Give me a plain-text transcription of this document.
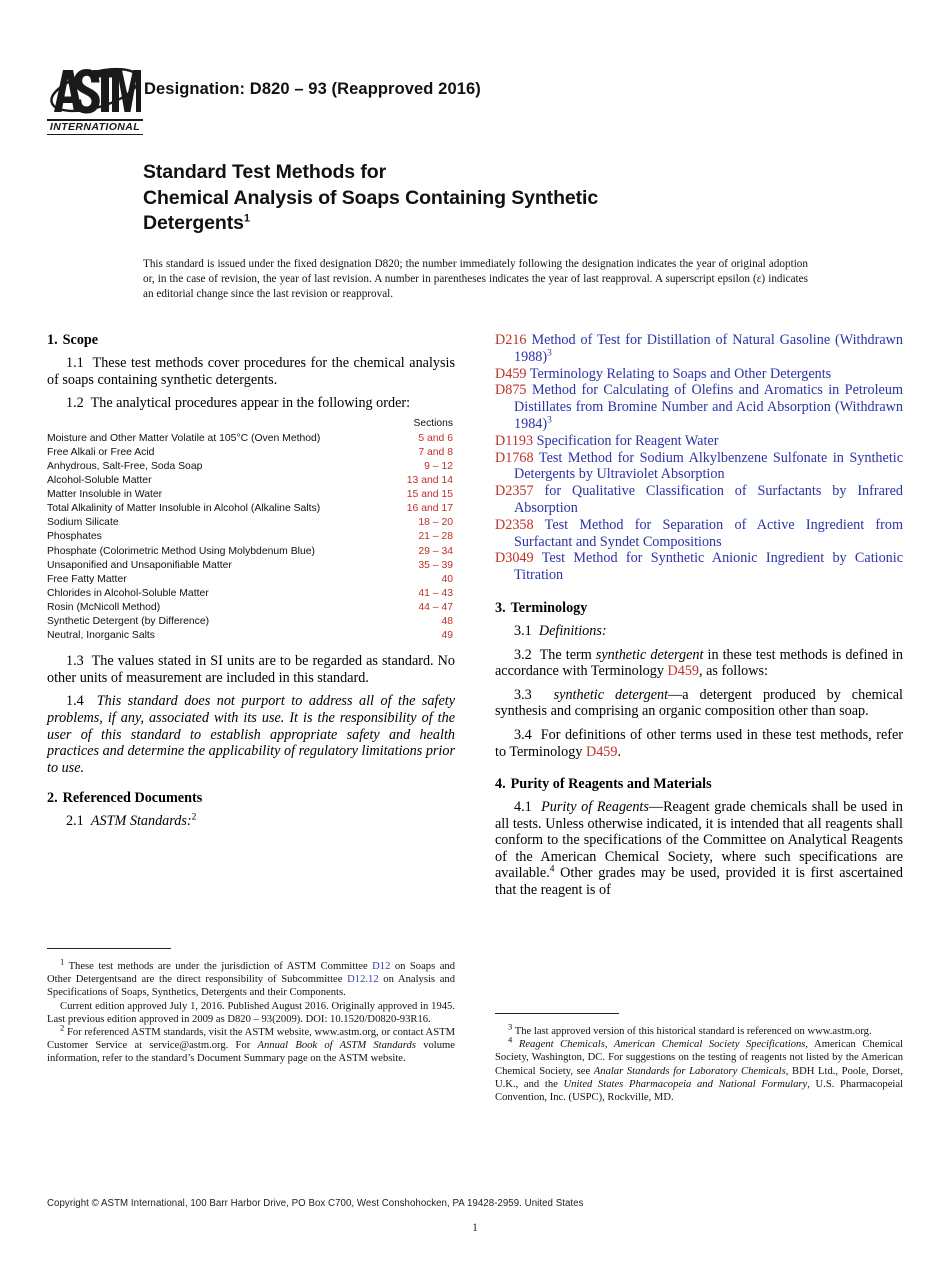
INTERNATIONAL
Designation: D820 – 93 (Reapproved 2016)
Standard Test Methods for
Chemical Analysis of Soaps Containing Synthetic
Detergents$^1$
This standard is issued under the fixed designation D820; the number immediately following the designation indicates the year of original adoption or, in the case of revision, the year of last revision. A number in parentheses indicates the year of last reapproval. A superscript epsilon (ε) indicates an editorial change since the last revision or reapproval.
1. Scope

1.1 These test methods cover procedures for the chemical analysis of soaps containing synthetic detergents.

1.2 The analytical procedures appear in the following order:

Sections
Moisture and Other Matter Volatile at 105°C (Oven Method)	5 and 6
Free Alkali or Free Acid	7 and 8
Anhydrous, Salt-Free, Soda Soap	9 – 12
Alcohol-Soluble Matter	13 and 14
Matter Insoluble in Water	15 and 15
Total Alkalinity of Matter Insoluble in Alcohol (Alkaline Salts)	16 and 17
Sodium Silicate	18 – 20
Phosphates	21 – 28
Phosphate (Colorimetric Method Using Molybdenum Blue)	29 – 34
Unsaponified and Unsaponifiable Matter	35 – 39
Free Fatty Matter	40
Chlorides in Alcohol-Soluble Matter	41 – 43
Rosin (McNicoll Method)	44 – 47
Synthetic Detergent (by Difference)	48
Neutral, Inorganic Salts	49

1.3 The values stated in SI units are to be regarded as standard. No other units of measurement are included in this standard.

1.4 This standard does not purport to address all of the safety problems, if any, associated with its use. It is the responsibility of the user of this standard to establish appropriate safety and health practices and determine the applicability of regulatory limitations prior to use.

2. Referenced Documents

2.1 ASTM Standards:$^2$

D216 Method of Test for Distillation of Natural Gasoline (Withdrawn 1988)$^3$
D459 Terminology Relating to Soaps and Other Detergents
D875 Method for Calculating of Olefins and Aromatics in Petroleum Distillates from Bromine Number and Acid Absorption (Withdrawn 1984)$^3$
D1193 Specification for Reagent Water
D1768 Test Method for Sodium Alkylbenzene Sulfonate in Synthetic Detergents by Ultraviolet Absorption
D2357 for Qualitative Classification of Surfactants by Infrared Absorption
D2358 Test Method for Separation of Active Ingredient from Surfactant and Syndet Compositions
D3049 Test Method for Synthetic Anionic Ingredient by Cationic Titration
3. Terminology

3.1 Definitions:

3.2 The term synthetic detergent in these test methods is defined in accordance with Terminology D459, as follows:

3.3 synthetic detergent—a detergent produced by chemical synthesis and comprising an organic composition other than soap.

3.4 For definitions of other terms used in these test methods, refer to Terminology D459.

4. Purity of Reagents and Materials

4.1 Purity of Reagents—Reagent grade chemicals shall be used in all tests. Unless otherwise indicated, it is intended that all reagents shall conform to the specifications of the Committee on Analytical Reagents of the American Chemical Society, where such specifications are available.$^4$ Other grades may be used, provided it is first ascertained that the reagent is of

$^1$ These test methods are under the jurisdiction of ASTM Committee D12 on Soaps and Other Detergentsand are the direct responsibility of Subcommittee D12.12 on Analysis and Specifications of Soaps, Synthetics, Detergents and their Components.

Current edition approved July 1, 2016. Published August 2016. Originally approved in 1945. Last previous edition approved in 2009 as D820 – 93(2009). DOI: 10.1520/D0820-93R16.

$^2$ For referenced ASTM standards, visit the ASTM website, www.astm.org, or contact ASTM Customer Service at service@astm.org. For Annual Book of ASTM Standards volume information, refer to the standard’s Document Summary page on the ASTM website.

$^3$ The last approved version of this historical standard is referenced on www.astm.org.

$^4$ Reagent Chemicals, American Chemical Society Specifications, American Chemical Society, Washington, DC. For suggestions on the testing of reagents not listed by the American Chemical Society, see Analar Standards for Laboratory Chemicals, BDH Ltd., Poole, Dorset, U.K., and the United States Pharmacopeia and National Formulary, U.S. Pharmacopeial Convention, Inc. (USPC), Rockville, MD.

Copyright © ASTM International, 100 Barr Harbor Drive, PO Box C700, West Conshohocken, PA 19428-2959. United States
1
